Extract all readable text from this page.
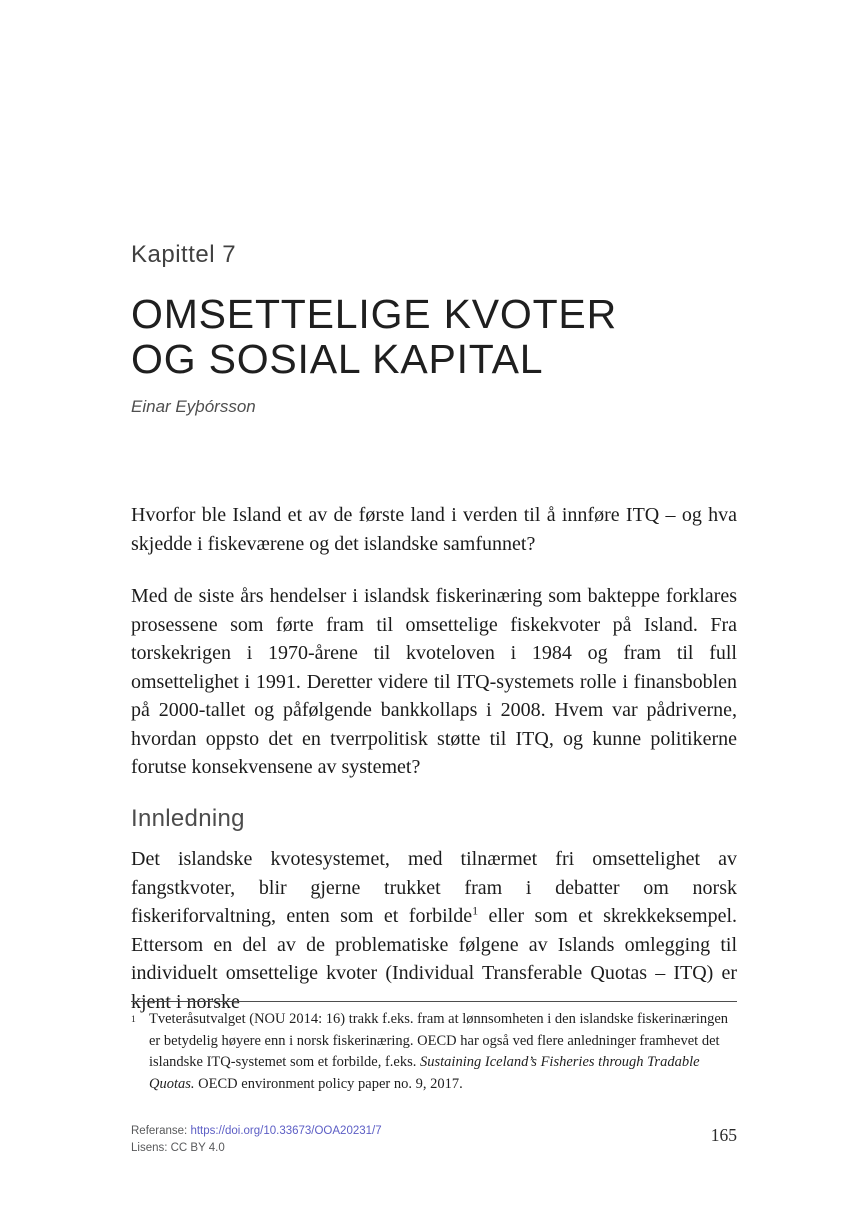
Kapittel 7
OMSETTELIGE KVOTER
OG SOSIAL KAPITAL
Einar Eyþórsson

Hvorfor ble Island et av de første land i verden til å innføre ITQ – og hva skjedde i fiskeværene og det islandske samfunnet?

Med de siste års hendelser i islandsk fiskerinæring som bakteppe forklares prosessene som førte fram til omsettelige fiskekvoter på Island. Fra torskekrigen i 1970-årene til kvoteloven i 1984 og fram til full omsettelighet i 1991. Deretter videre til ITQ-systemets rolle i finansboblen på 2000-tallet og påfølgende bankkollaps i 2008. Hvem var pådriverne, hvordan oppsto det en tverrpolitisk støtte til ITQ, og kunne politikerne forutse konsekvensene av systemet?

Innledning

Det islandske kvotesystemet, med tilnærmet fri omsettelighet av fangstkvoter, blir gjerne trukket fram i debatter om norsk fiskeriforvaltning, enten som et forbilde$^1$ eller som et skrekkeksempel. Ettersom en del av de problematiske følgene av Islands omlegging til individuelt omsettelige kvoter (Individual Transferable Quotas – ITQ) er kjent i norske

1 Tveteråsutvalget (NOU 2014: 16) trakk f.eks. fram at lønnsomheten i den islandske fiskerinæringen er betydelig høyere enn i norsk fiskerinæring. OECD har også ved flere anledninger framhevet det islandske ITQ-systemet som et forbilde, f.eks. Sustaining Iceland’s Fisheries through Tradable Quotas. OECD environment policy paper no. 9, 2017.
Referanse: https://doi.org/10.33673/OOA20231/7
Lisens: CC BY 4.0
165
